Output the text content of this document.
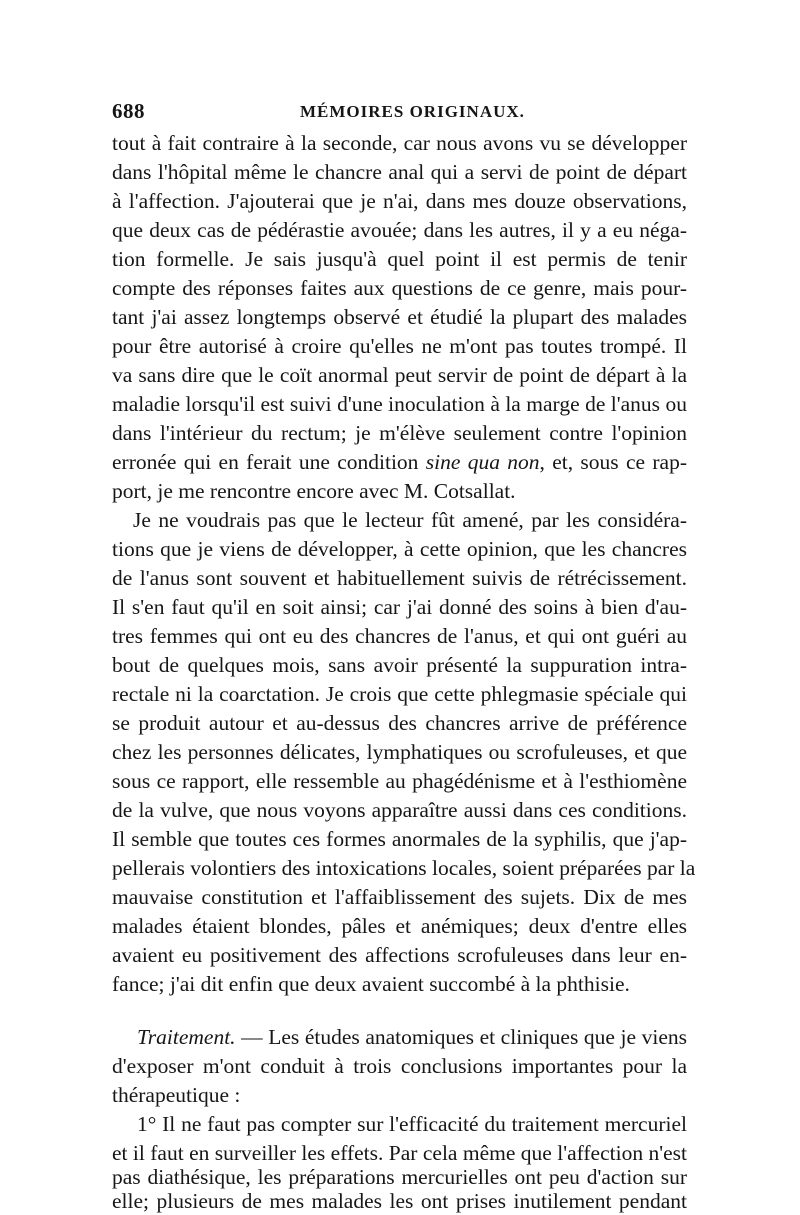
688	MÉMOIRES ORIGINAUX.
tout à fait contraire à la seconde, car nous avons vu se développer
dans l'hôpital même le chancre anal qui a servi de point de départ
à l'affection. J'ajouterai que je n'ai, dans mes douze observations,
que deux cas de pédérastie avouée; dans les autres, il y a eu néga-
tion formelle. Je sais jusqu'à quel point il est permis de tenir
compte des réponses faites aux questions de ce genre, mais pour-
tant j'ai assez longtemps observé et étudié la plupart des malades
pour être autorisé à croire qu'elles ne m'ont pas toutes trompé. Il
va sans dire que le coït anormal peut servir de point de départ à la
maladie lorsqu'il est suivi d'une inoculation à la marge de l'anus ou
dans l'intérieur du rectum; je m'élève seulement contre l'opinion
erronée qui en ferait une condition sine qua non, et, sous ce rap-
port, je me rencontre encore avec M. Cotsallat.
Je ne voudrais pas que le lecteur fût amené, par les considéra-
tions que je viens de développer, à cette opinion, que les chancres
de l'anus sont souvent et habituellement suivis de rétrécissement.
Il s'en faut qu'il en soit ainsi; car j'ai donné des soins à bien d'au-
tres femmes qui ont eu des chancres de l'anus, et qui ont guéri au
bout de quelques mois, sans avoir présenté la suppuration intra-
rectale ni la coarctation. Je crois que cette phlegmasie spéciale qui
se produit autour et au-dessus des chancres arrive de préférence
chez les personnes délicates, lymphatiques ou scrofuleuses, et que
sous ce rapport, elle ressemble au phagédénisme et à l'esthiomène
de la vulve, que nous voyons apparaître aussi dans ces conditions.
Il semble que toutes ces formes anormales de la syphilis, que j'ap-
pellerais volontiers des intoxications locales, soient préparées par la
mauvaise constitution et l'affaiblissement des sujets. Dix de mes
malades étaient blondes, pâles et anémiques; deux d'entre elles
avaient eu positivement des affections scrofuleuses dans leur en-
fance; j'ai dit enfin que deux avaient succombé à la phthisie.
Traitement. — Les études anatomiques et cliniques que je viens
d'exposer m'ont conduit à trois conclusions importantes pour la
thérapeutique :
1° Il ne faut pas compter sur l'efficacité du traitement mercuriel
et il faut en surveiller les effets. Par cela même que l'affection n'est
pas diathésique, les préparations mercurielles ont peu d'action sur
elle; plusieurs de mes malades les ont prises inutilement pendant
